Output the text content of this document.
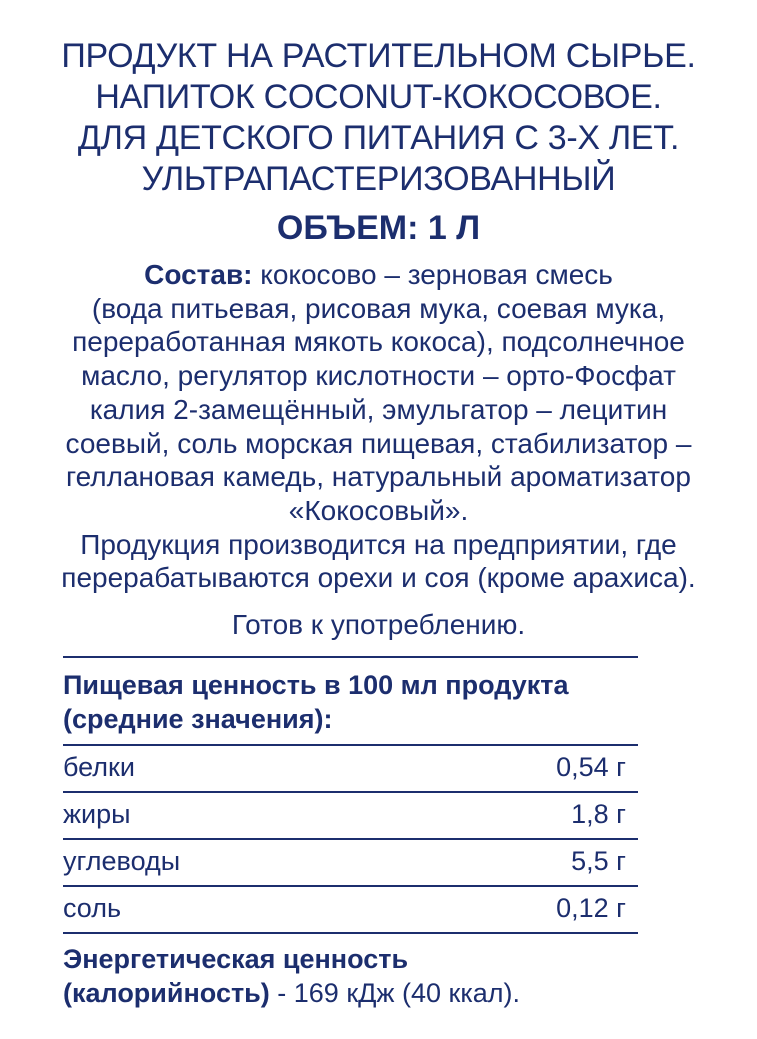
ПРОДУКТ НА РАСТИТЕЛЬНОМ СЫРЬЕ.
НАПИТОК COCONUT-КОКОСОВОЕ.
ДЛЯ ДЕТСКОГО ПИТАНИЯ С 3-Х ЛЕТ.
УЛЬТРАПАСТЕРИЗОВАННЫЙ
ОБЪЕМ: 1 Л
Состав: кокосово – зерновая смесь
(вода питьевая, рисовая мука, соевая мука,
переработанная мякоть кокоса), подсолнечное
масло, регулятор кислотности – орто-Фосфат
калия 2-замещённый, эмульгатор – лецитин
соевый, соль морская пищевая, стабилизатор –
геллановая камедь, натуральный ароматизатор
«Кокосовый».
Продукция производится на предприятии, где
перерабатываются орехи и соя (кроме арахиса).
Готов к употреблению.
Пищевая ценность в 100 мл продукта
(средние значения):
белки	0,54 г
жиры	1,8 г
углеводы	5,5 г
соль	0,12 г
Энергетическая ценность
(калорийность) - 169 кДж (40 ккал).
